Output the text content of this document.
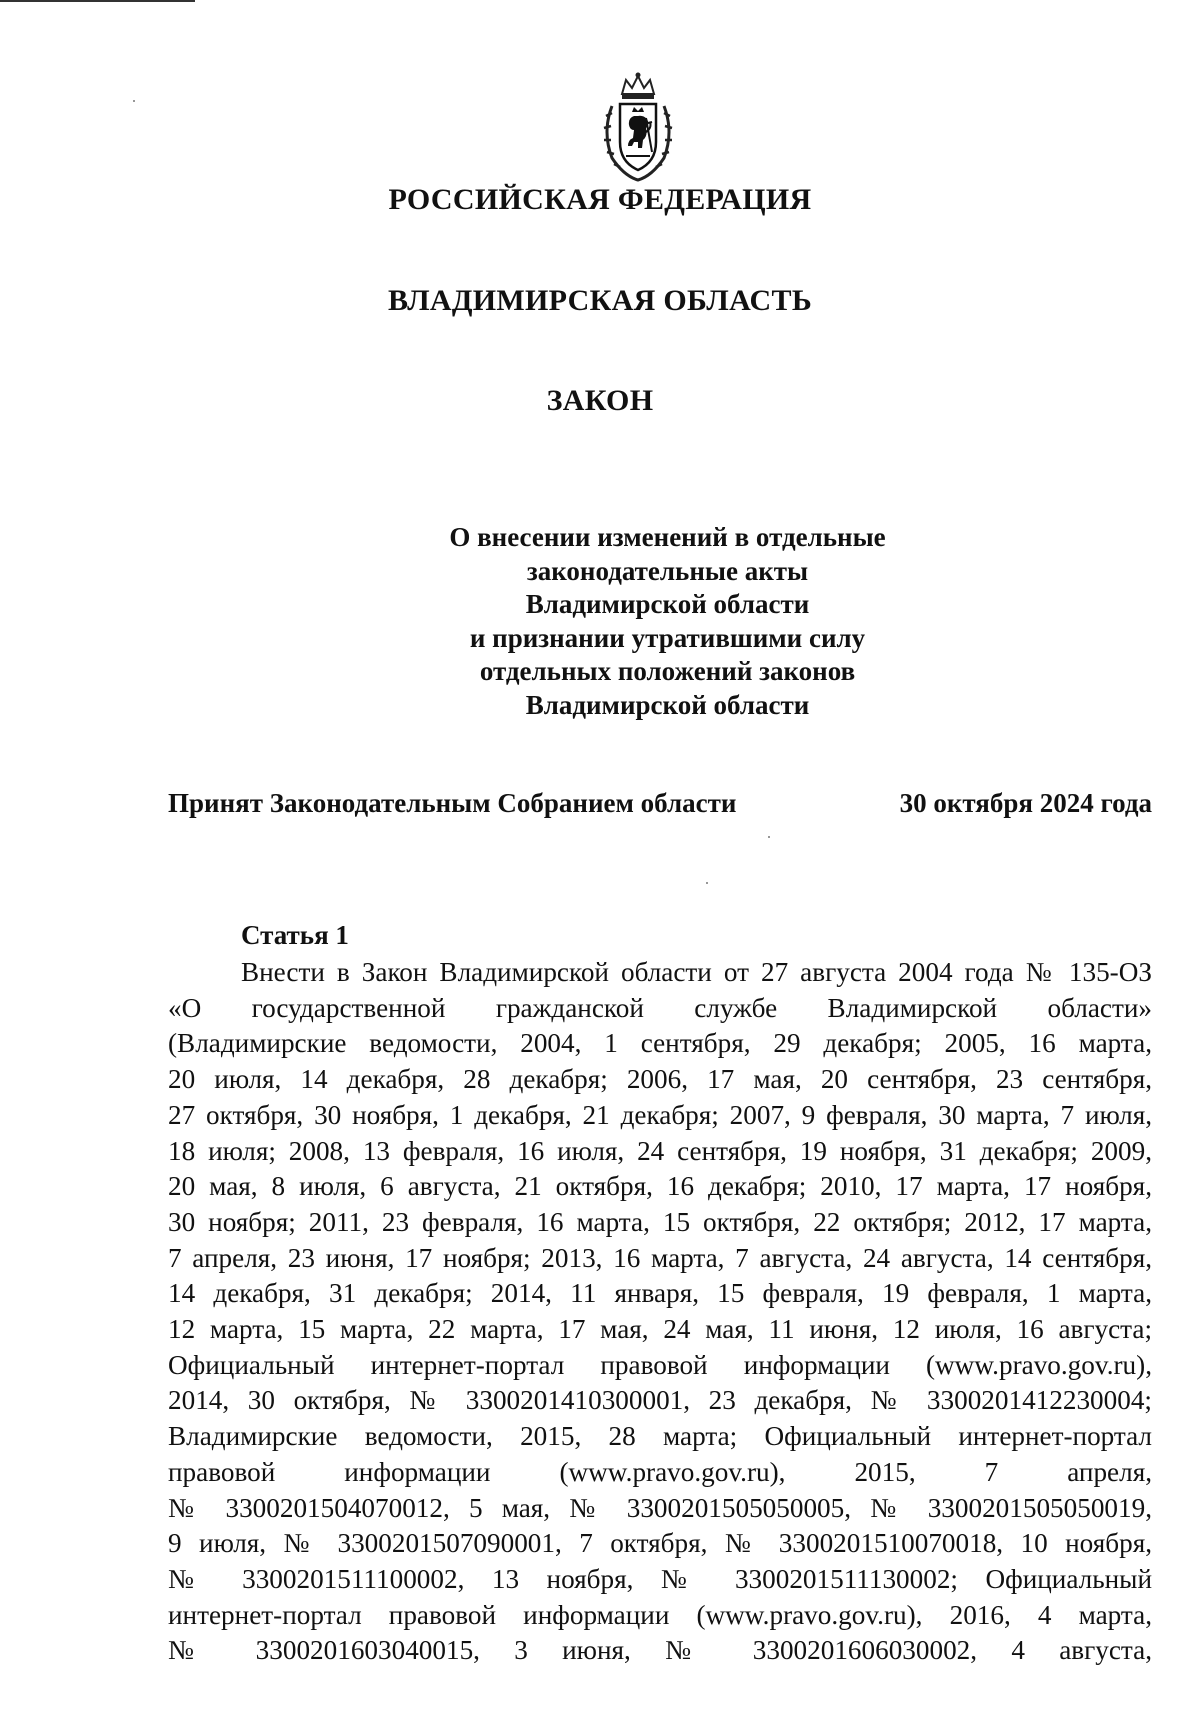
РОССИЙСКАЯ ФЕДЕРАЦИЯ
ВЛАДИМИРСКАЯ ОБЛАСТЬ
ЗАКОН
О внесении изменений в отдельные
законодательные акты
Владимирской области
и признании утратившими силу
отдельных положений законов
Владимирской области
Принят Законодательным Собранием области	30 октября 2024 года
Статья 1
Внести в Закон Владимирской области от 27 августа 2004 года № 135-ОЗ
«О государственной гражданской службе Владимирской области»
(Владимирские ведомости, 2004, 1 сентября, 29 декабря; 2005, 16 марта,
20 июля, 14 декабря, 28 декабря; 2006, 17 мая, 20 сентября, 23 сентября,
27 октября, 30 ноября, 1 декабря, 21 декабря; 2007, 9 февраля, 30 марта, 7 июля,
18 июля; 2008, 13 февраля, 16 июля, 24 сентября, 19 ноября, 31 декабря; 2009,
20 мая, 8 июля, 6 августа, 21 октября, 16 декабря; 2010, 17 марта, 17 ноября,
30 ноября; 2011, 23 февраля, 16 марта, 15 октября, 22 октября; 2012, 17 марта,
7 апреля, 23 июня, 17 ноября; 2013, 16 марта, 7 августа, 24 августа, 14 сентября,
14 декабря, 31 декабря; 2014, 11 января, 15 февраля, 19 февраля, 1 марта,
12 марта, 15 марта, 22 марта, 17 мая, 24 мая, 11 июня, 12 июля, 16 августа;
Официальный интернет-портал правовой информации (www.pravo.gov.ru),
2014, 30 октября, № 3300201410300001, 23 декабря, № 3300201412230004;
Владимирские ведомости, 2015, 28 марта; Официальный интернет-портал
правовой информации (www.pravo.gov.ru), 2015, 7 апреля,
№ 3300201504070012, 5 мая, № 3300201505050005, № 3300201505050019,
9 июля, № 3300201507090001, 7 октября, № 3300201510070018, 10 ноября,
№ 3300201511100002, 13 ноября, № 3300201511130002; Официальный
интернет-портал правовой информации (www.pravo.gov.ru), 2016, 4 марта,
№ 3300201603040015, 3 июня, № 3300201606030002, 4 августа,
